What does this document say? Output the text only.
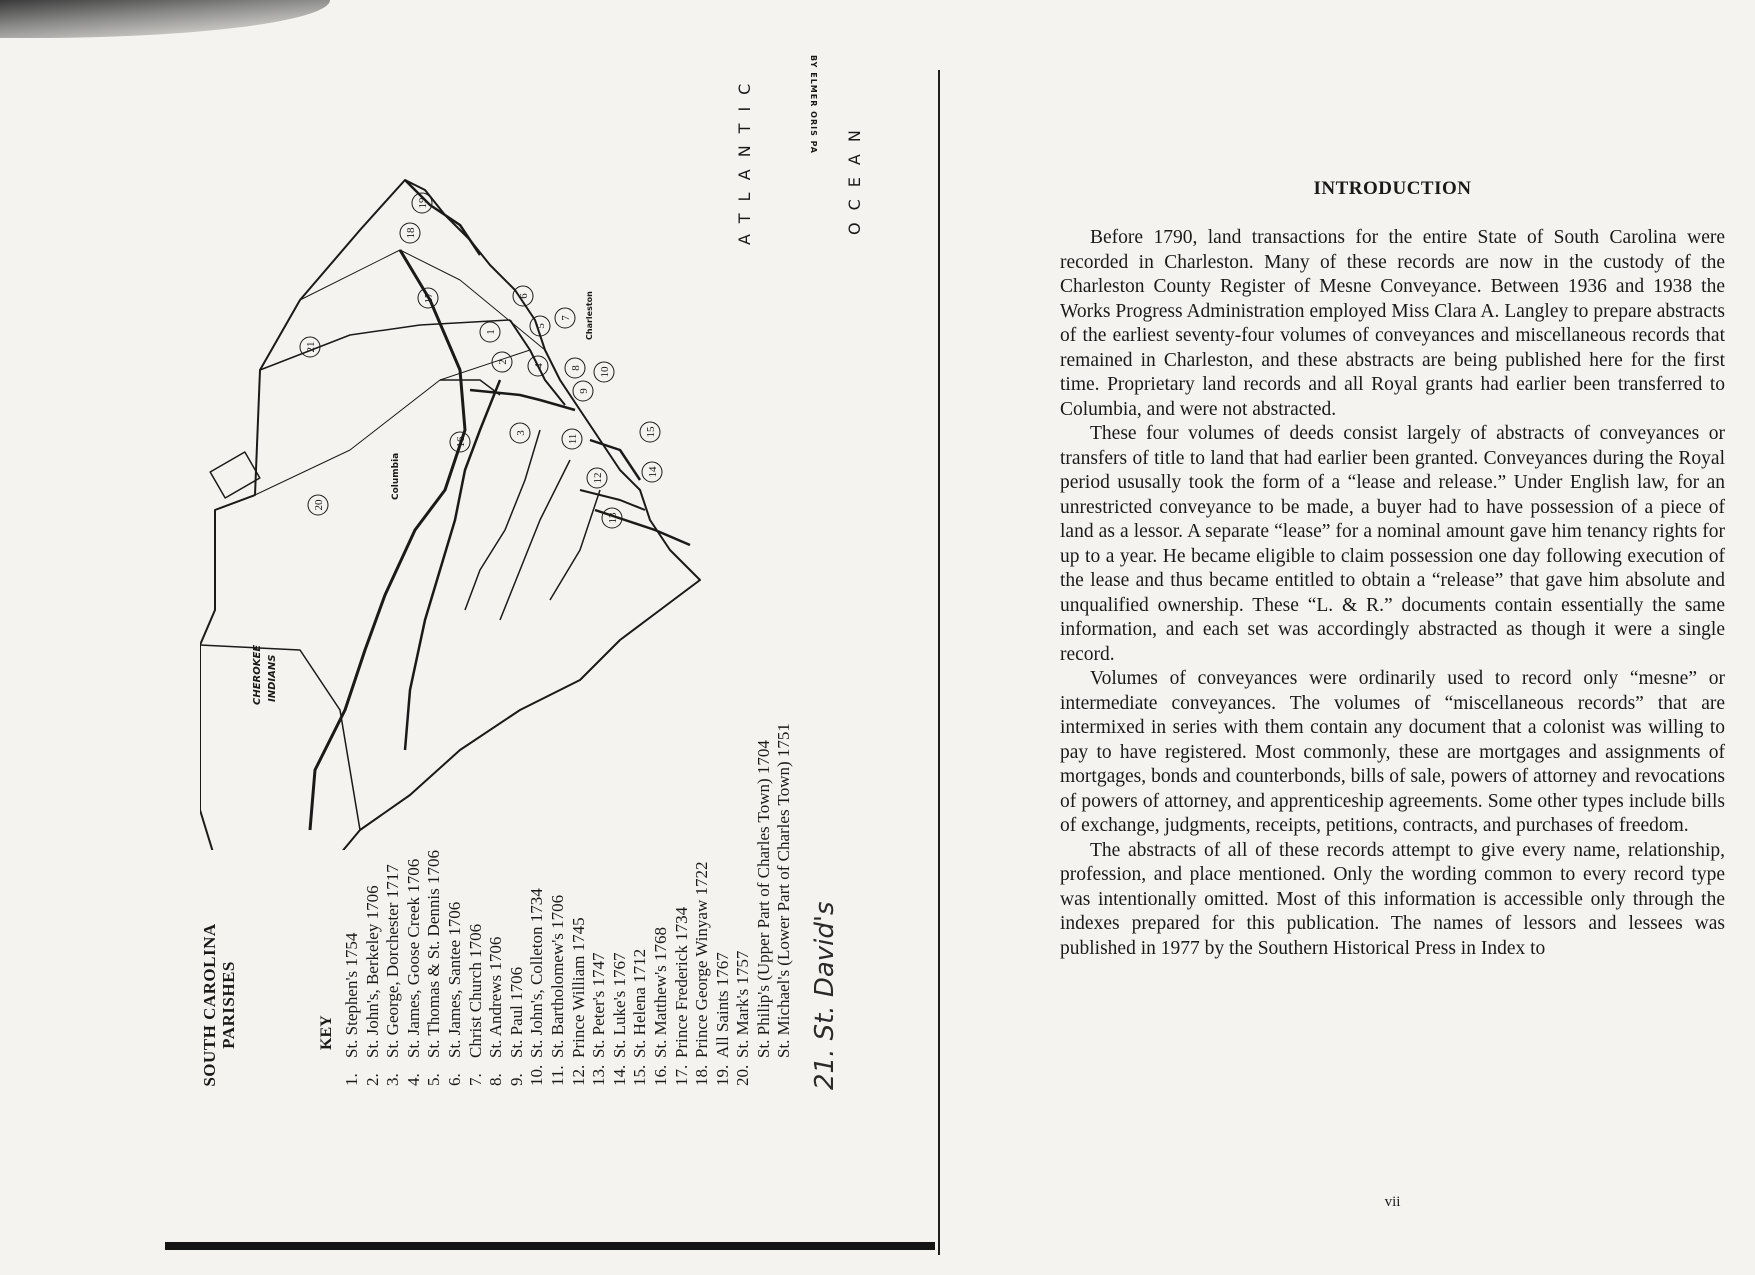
21
20
17
18
19
16
3
11
12
13
14
15
9
10
8
4
2
1
5
6
7
Columbia
Charleston
CHEROKEE INDIANS
ATLANTIC	OCEAN
BY ELMER ORIS PA
SOUTH CAROLINA PARISHES	KEY
1.St. Stephen's 1754
2.St. John's, Berkeley 1706
3.St. George, Dorchester 1717
4.St. James, Goose Creek 1706
5.St. Thomas & St. Dennis 1706
6.St. James, Santee 1706
7.Christ Church 1706
8.St. Andrews 1706
9.St. Paul 1706
10.St. John's, Colleton 1734
11.St. Bartholomew's 1706
12.Prince William 1745
13.St. Peter's 1747
14.St. Luke's 1767
15.St. Helena 1712
16.St. Matthew's 1768
17.Prince Frederick 1734
18.Prince George Winyaw 1722
19.All Saints 1767
20.St. Mark's 1757 St. Philip's (Upper Part of Charles Town) 1704 St. Michael's (Lower Part of Charles Town) 1751 21. St. David's
INTRODUCTION

Before 1790, land transactions for the entire State of South Carolina were recorded in Charleston. Many of these records are now in the custody of the Charleston County Register of Mesne Conveyance. Between 1936 and 1938 the Works Progress Administration employed Miss Clara A. Langley to prepare abstracts of the earliest seventy-four volumes of conveyances and miscellaneous records that remained in Charleston, and these abstracts are being published here for the first time. Proprietary land records and all Royal grants had earlier been transferred to Columbia, and were not abstracted.

These four volumes of deeds consist largely of abstracts of conveyances or transfers of title to land that had earlier been granted. Conveyances during the Royal period ususally took the form of a “lease and release.” Under English law, for an unrestricted conveyance to be made, a buyer had to have possession of a piece of land as a lessor. A separate “lease” for a nominal amount gave him tenancy rights for up to a year. He became eligible to claim possession one day following execution of the lease and thus became entitled to obtain a “release” that gave him absolute and unqualified ownership. These “L. & R.” documents contain essentially the same information, and each set was accordingly abstracted as though it were a single record.

Volumes of conveyances were ordinarily used to record only “mesne” or intermediate conveyances. The volumes of “miscellaneous records” that are intermixed in series with them contain any document that a colonist was willing to pay to have registered. Most commonly, these are mortgages and assignments of mortgages, bonds and counterbonds, bills of sale, powers of attorney and revocations of powers of attorney, and apprenticeship agreements. Some other types include bills of exchange, judgments, receipts, petitions, contracts, and purchases of freedom.

The abstracts of all of these records attempt to give every name, relationship, profession, and place mentioned. Only the wording common to every record type was intentionally omitted. Most of this information is accessible only through the indexes prepared for this publication. The names of lessors and lessees was published in 1977 by the Southern Historical Press in Index to

vii
